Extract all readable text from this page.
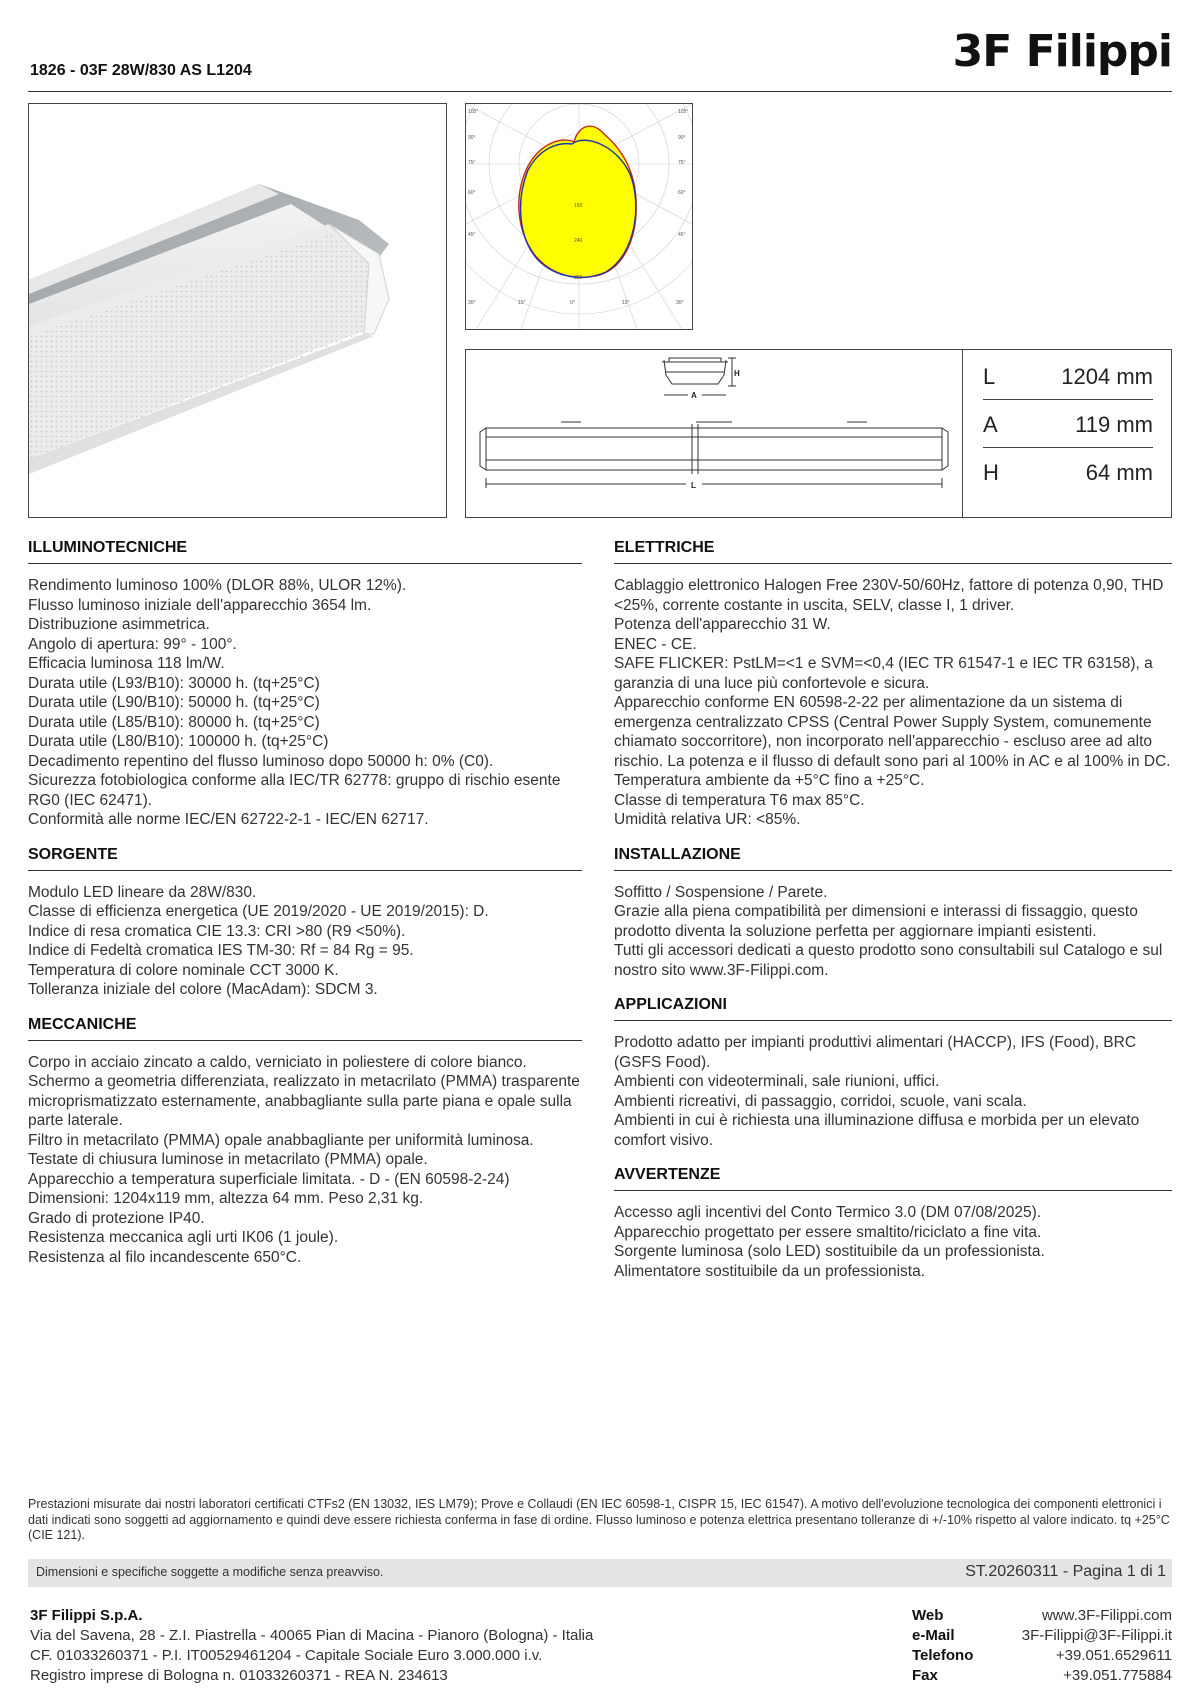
1826 - 03F 28W/830 AS L1204	3F Filippi
105°
90°
75°
60°
45°
105°
90°
75°
60°
45°
30°	15°	0°	15°	30°
160
240
320
A
H
L
L	1204 mm
A	119 mm
H	64 mm
ILLUMINOTECNICHE
Rendimento luminoso 100% (DLOR 88%, ULOR 12%).
Flusso luminoso iniziale dell'apparecchio 3654 lm.
Distribuzione asimmetrica.
Angolo di apertura: 99° - 100°.
Efficacia luminosa 118 lm/W.
Durata utile (L93/B10): 30000 h. (tq+25°C)
Durata utile (L90/B10): 50000 h. (tq+25°C)
Durata utile (L85/B10): 80000 h. (tq+25°C)
Durata utile (L80/B10): 100000 h. (tq+25°C)
Decadimento repentino del flusso luminoso dopo 50000 h: 0% (C0).
Sicurezza fotobiologica conforme alla IEC/TR 62778: gruppo di rischio esente RG0 (IEC 62471).
Conformità alle norme IEC/EN 62722-2-1 - IEC/EN 62717.
SORGENTE
Modulo LED lineare da 28W/830.
Classe di efficienza energetica (UE 2019/2020 - UE 2019/2015): D.
Indice di resa cromatica CIE 13.3: CRI >80 (R9 <50%).
Indice di Fedeltà cromatica IES TM-30: Rf = 84 Rg = 95.
Temperatura di colore nominale CCT 3000 K.
Tolleranza iniziale del colore (MacAdam): SDCM 3.
MECCANICHE
Corpo in acciaio zincato a caldo, verniciato in poliestere di colore bianco.
Schermo a geometria differenziata, realizzato in metacrilato (PMMA) trasparente microprismatizzato esternamente, anabbagliante sulla parte piana e opale sulla parte laterale.
Filtro in metacrilato (PMMA) opale anabbagliante per uniformità luminosa.
Testate di chiusura luminose in metacrilato (PMMA) opale.
Apparecchio a temperatura superficiale limitata. - D - (EN 60598-2-24)
Dimensioni: 1204x119 mm, altezza 64 mm. Peso 2,31 kg.
Grado di protezione IP40.
Resistenza meccanica agli urti IK06 (1 joule).
Resistenza al filo incandescente 650°C.
ELETTRICHE
Cablaggio elettronico Halogen Free 230V-50/60Hz, fattore di potenza 0,90, THD <25%, corrente costante in uscita, SELV, classe I, 1 driver.
Potenza dell'apparecchio 31 W.
ENEC - CE.
SAFE FLICKER: PstLM=<1 e SVM=<0,4 (IEC TR 61547-1 e IEC TR 63158), a garanzia di una luce più confortevole e sicura.
Apparecchio conforme EN 60598-2-22 per alimentazione da un sistema di emergenza centralizzato CPSS (Central Power Supply System, comunemente chiamato soccorritore), non incorporato nell'apparecchio - escluso aree ad alto rischio. La potenza e il flusso di default sono pari al 100% in AC e al 100% in DC.
Temperatura ambiente da +5°C fino a +25°C.
Classe di temperatura T6 max 85°C.
Umidità relativa UR: <85%.
INSTALLAZIONE
Soffitto / Sospensione / Parete.
Grazie alla piena compatibilità per dimensioni e interassi di fissaggio, questo prodotto diventa la soluzione perfetta per aggiornare impianti esistenti.
Tutti gli accessori dedicati a questo prodotto sono consultabili sul Catalogo e sul nostro sito www.3F-Filippi.com.
APPLICAZIONI
Prodotto adatto per impianti produttivi alimentari (HACCP), IFS (Food), BRC (GSFS Food).
Ambienti con videoterminali, sale riunioni, uffici.
Ambienti ricreativi, di passaggio, corridoi, scuole, vani scala.
Ambienti in cui è richiesta una illuminazione diffusa e morbida per un elevato comfort visivo.
AVVERTENZE
Accesso agli incentivi del Conto Termico 3.0 (DM 07/08/2025).
Apparecchio progettato per essere smaltito/riciclato a fine vita.
Sorgente luminosa (solo LED) sostituibile da un professionista.
Alimentatore sostituibile da un professionista.
Prestazioni misurate dai nostri laboratori certificati CTFs2 (EN 13032, IES LM79); Prove e Collaudi (EN IEC 60598-1, CISPR 15, IEC 61547). A motivo dell'evoluzione tecnologica dei componenti elettronici i dati indicati sono soggetti ad aggiornamento e quindi deve essere richiesta conferma in fase di ordine. Flusso luminoso e potenza elettrica presentano tolleranze di +/-10% rispetto al valore indicato. tq +25°C (CIE 121).
Dimensioni e specifiche soggette a modifiche senza preavviso.	ST.20260311 - Pagina 1 di 1
3F Filippi S.p.A.
Via del Savena, 28 - Z.I. Piastrella - 40065 Pian di Macina - Pianoro (Bologna) - Italia
CF. 01033260371 - P.I. IT00529461204 - Capitale Sociale Euro 3.000.000 i.v.
Registro imprese di Bologna n. 01033260371 - REA N. 234613
Web	www.3F-Filippi.com
e-Mail	3F-Filippi@3F-Filippi.it
Telefono	+39.051.6529611
Fax	+39.051.775884
